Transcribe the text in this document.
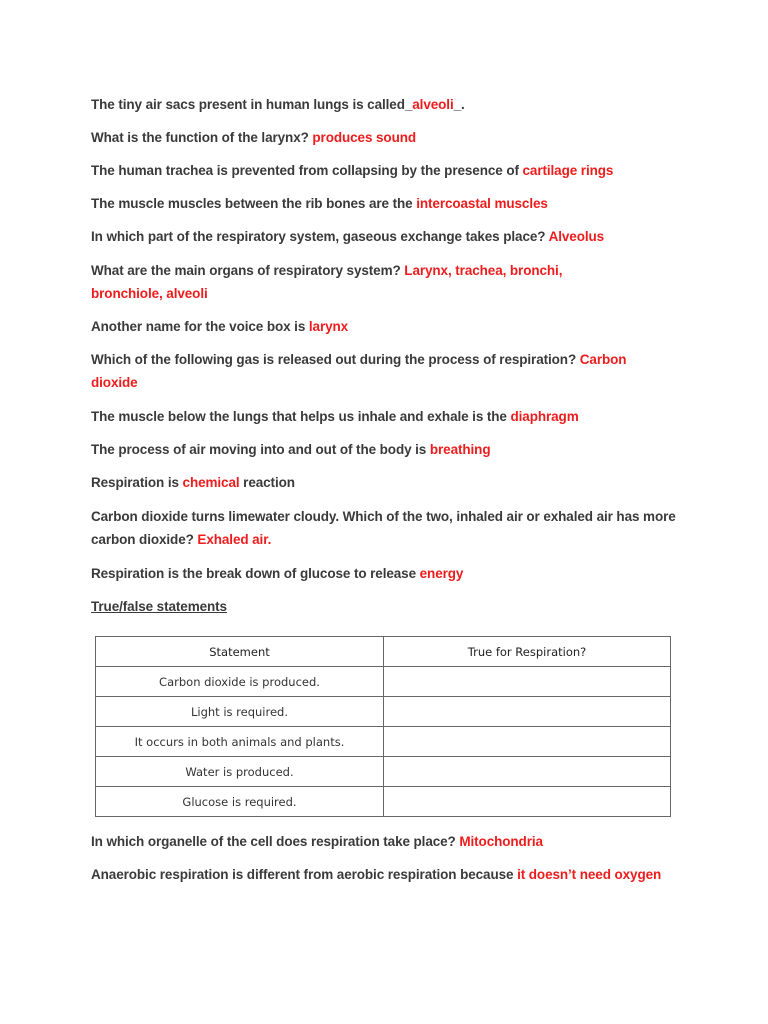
The tiny air sacs present in human lungs is called_alveoli_.
What is the function of the larynx? produces sound
The human trachea is prevented from collapsing by the presence of cartilage rings
The muscle muscles between the rib bones are the intercoastal muscles
In which part of the respiratory system, gaseous exchange takes place? Alveolus
What are the main organs of respiratory system? Larynx, trachea, bronchi, bronchiole, alveoli
Another name for the voice box is larynx
Which of the following gas is released out during the process of respiration? Carbon dioxide
The muscle below the lungs that helps us inhale and exhale is the diaphragm
The process of air moving into and out of the body is breathing
Respiration is chemical reaction
Carbon dioxide turns limewater cloudy. Which of the two, inhaled air or exhaled air has more carbon dioxide? Exhaled air.
Respiration is the break down of glucose to release energy
True/false statements
Statement	True for Respiration?
Carbon dioxide is produced.	
Light is required.	
It occurs in both animals and plants.	
Water is produced.	
Glucose is required.	
In which organelle of the cell does respiration take place? Mitochondria
Anaerobic respiration is different from aerobic respiration because it doesn’t need oxygen
